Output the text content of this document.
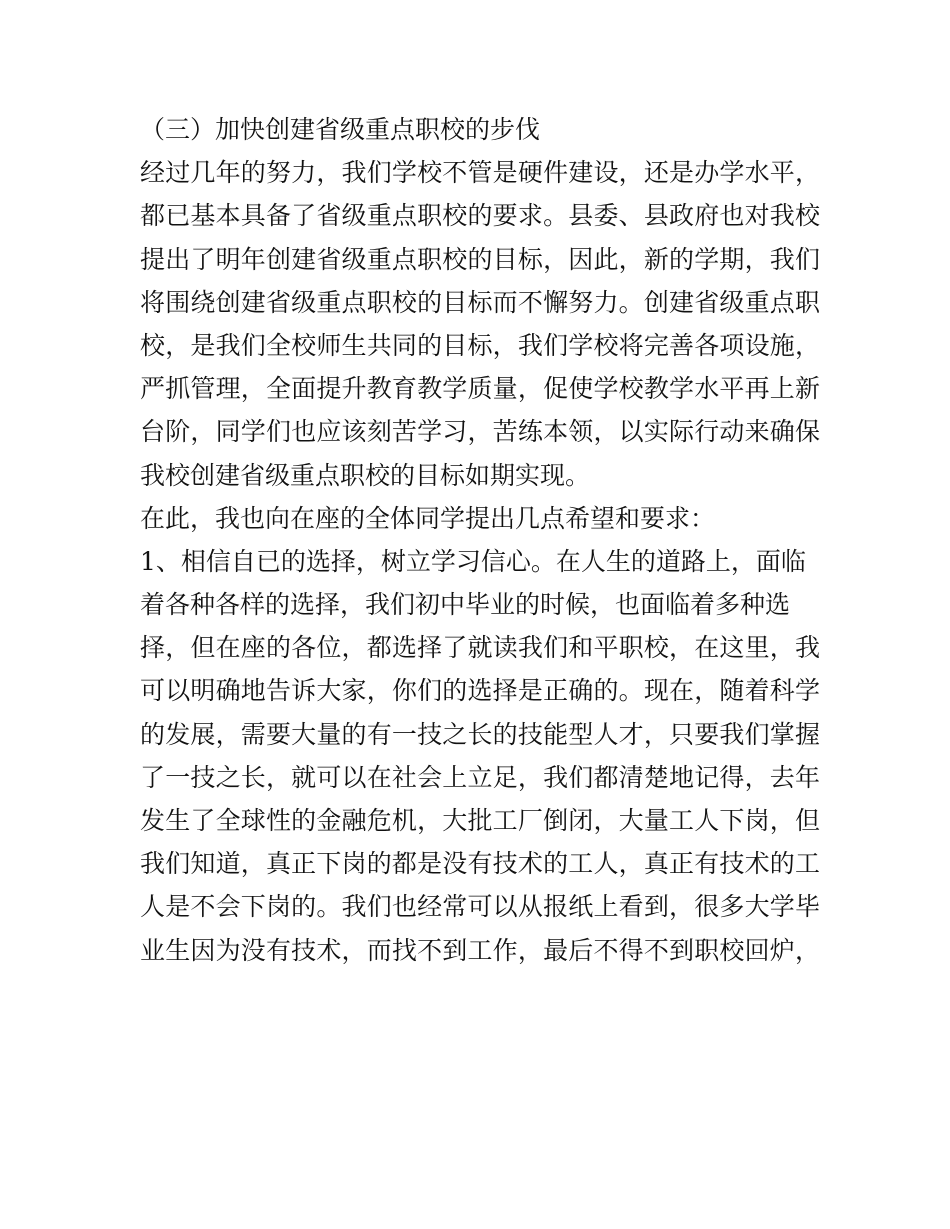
（三）加快创建省级重点职校的步伐
经过几年的努力，我们学校不管是硬件建设，还是办学水平，
都已基本具备了省级重点职校的要求。县委、县政府也对我校
提出了明年创建省级重点职校的目标，因此，新的学期，我们
将围绕创建省级重点职校的目标而不懈努力。创建省级重点职
校，是我们全校师生共同的目标，我们学校将完善各项设施，
严抓管理，全面提升教育教学质量，促使学校教学水平再上新
台阶，同学们也应该刻苦学习，苦练本领，以实际行动来确保
我校创建省级重点职校的目标如期实现。
在此，我也向在座的全体同学提出几点希望和要求：
1、相信自已的选择，树立学习信心。在人生的道路上，面临
着各种各样的选择，我们初中毕业的时候，也面临着多种选
择，但在座的各位，都选择了就读我们和平职校，在这里，我
可以明确地告诉大家，你们的选择是正确的。现在，随着科学
的发展，需要大量的有一技之长的技能型人才，只要我们掌握
了一技之长，就可以在社会上立足，我们都清楚地记得，去年
发生了全球性的金融危机，大批工厂倒闭，大量工人下岗，但
我们知道，真正下岗的都是没有技术的工人，真正有技术的工
人是不会下岗的。我们也经常可以从报纸上看到，很多大学毕
业生因为没有技术，而找不到工作，最后不得不到职校回炉，
